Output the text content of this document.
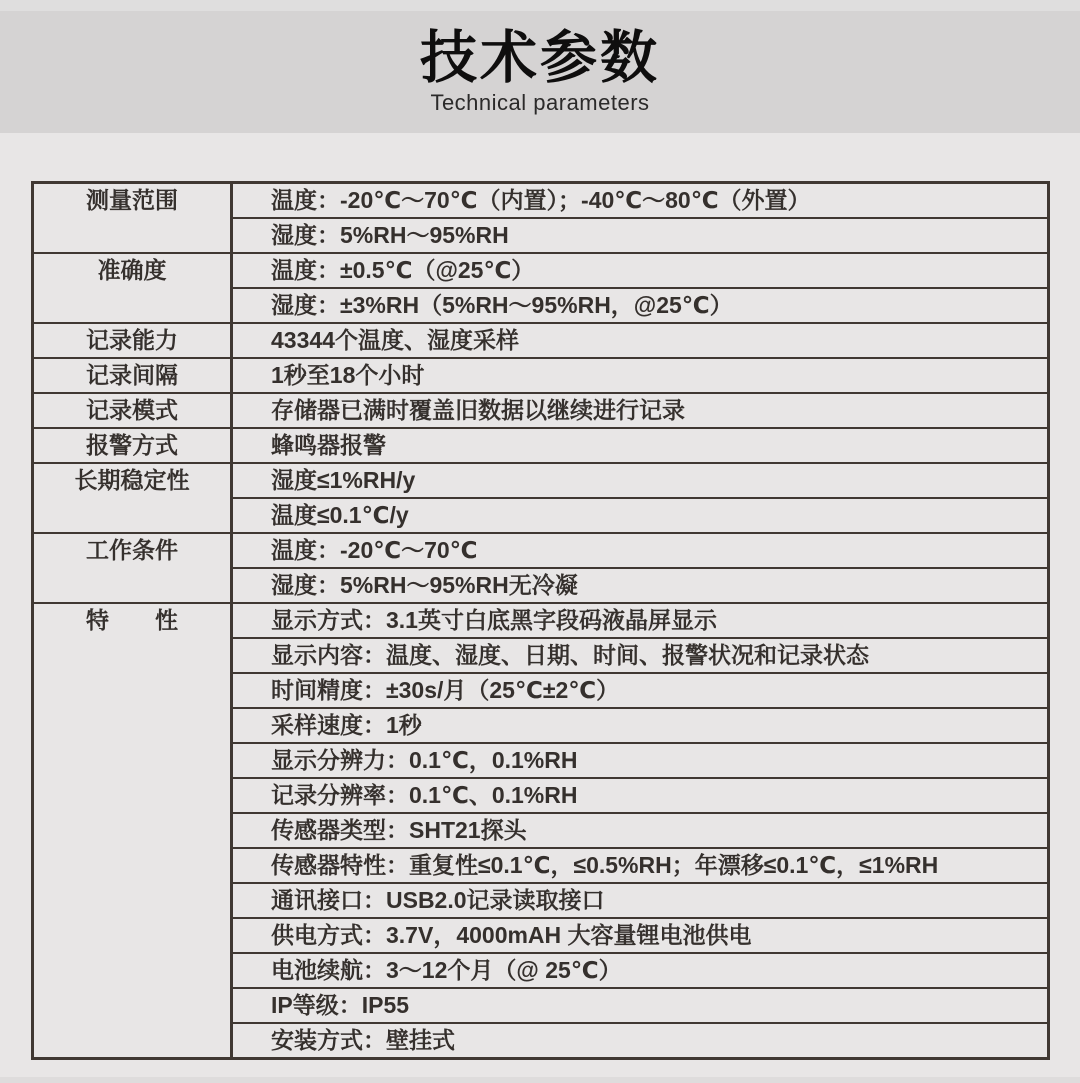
技术参数
Technical parameters
测量范围	温度：-20℃～70℃（内置）；-40℃～80℃（外置）
	湿度：5%RH～95%RH
准确度	温度：±0.5℃（@25℃）
	湿度：±3%RH（5%RH～95%RH，@25℃）
记录能力	43344个温度、湿度采样
记录间隔	1秒至18个小时
记录模式	存储器已满时覆盖旧数据以继续进行记录
报警方式	蜂鸣器报警
长期稳定性	湿度≤1%RH/y
	温度≤0.1℃/y
工作条件	温度：-20℃～70℃
	湿度：5%RH～95%RH无冷凝
特　　性	显示方式：3.1英寸白底黑字段码液晶屏显示
	显示内容：温度、湿度、日期、时间、报警状况和记录状态
	时间精度：±30s/月（25℃±2℃）
	采样速度：1秒
	显示分辨力：0.1℃，0.1%RH
	记录分辨率：0.1℃、0.1%RH
	传感器类型：SHT21探头
	传感器特性：重复性≤0.1℃，≤0.5%RH；年漂移≤0.1℃，≤1%RH
	通讯接口：USB2.0记录读取接口
	供电方式：3.7V，4000mAH 大容量锂电池供电
	电池续航：3～12个月（@ 25℃）
	IP等级：IP55
	安装方式：壁挂式
